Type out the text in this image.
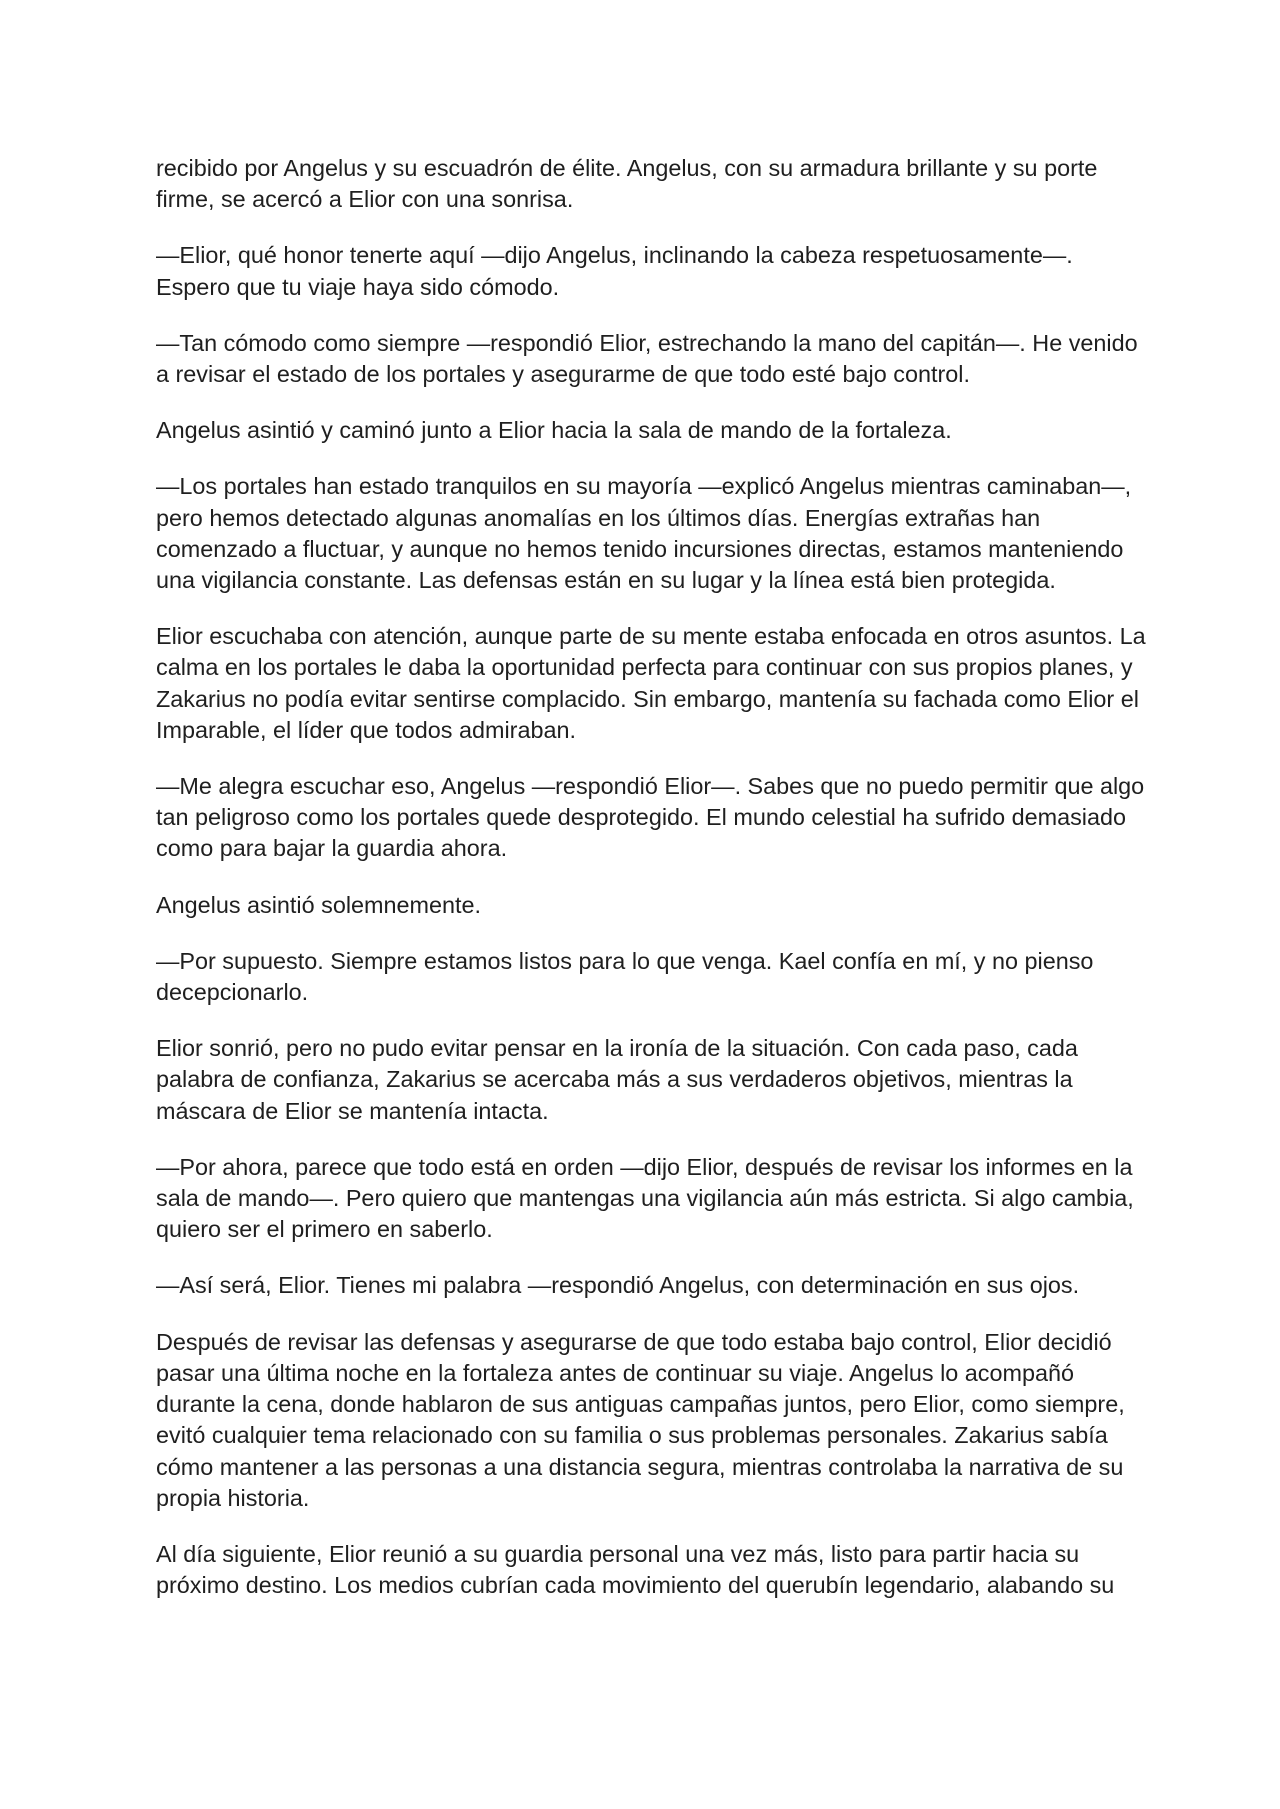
recibido por Angelus y su escuadrón de élite. Angelus, con su armadura brillante y su porte firme, se acercó a Elior con una sonrisa.

—Elior, qué honor tenerte aquí —dijo Angelus, inclinando la cabeza respetuosamente—. Espero que tu viaje haya sido cómodo.

—Tan cómodo como siempre —respondió Elior, estrechando la mano del capitán—. He venido a revisar el estado de los portales y asegurarme de que todo esté bajo control.

Angelus asintió y caminó junto a Elior hacia la sala de mando de la fortaleza.

—Los portales han estado tranquilos en su mayoría —explicó Angelus mientras caminaban—, pero hemos detectado algunas anomalías en los últimos días. Energías extrañas han comenzado a fluctuar, y aunque no hemos tenido incursiones directas, estamos manteniendo una vigilancia constante. Las defensas están en su lugar y la línea está bien protegida.

Elior escuchaba con atención, aunque parte de su mente estaba enfocada en otros asuntos. La calma en los portales le daba la oportunidad perfecta para continuar con sus propios planes, y Zakarius no podía evitar sentirse complacido. Sin embargo, mantenía su fachada como Elior el Imparable, el líder que todos admiraban.

—Me alegra escuchar eso, Angelus —respondió Elior—. Sabes que no puedo permitir que algo tan peligroso como los portales quede desprotegido. El mundo celestial ha sufrido demasiado como para bajar la guardia ahora.

Angelus asintió solemnemente.

—Por supuesto. Siempre estamos listos para lo que venga. Kael confía en mí, y no pienso decepcionarlo.

Elior sonrió, pero no pudo evitar pensar en la ironía de la situación. Con cada paso, cada palabra de confianza, Zakarius se acercaba más a sus verdaderos objetivos, mientras la máscara de Elior se mantenía intacta.

—Por ahora, parece que todo está en orden —dijo Elior, después de revisar los informes en la sala de mando—. Pero quiero que mantengas una vigilancia aún más estricta. Si algo cambia, quiero ser el primero en saberlo.

—Así será, Elior. Tienes mi palabra —respondió Angelus, con determinación en sus ojos.

Después de revisar las defensas y asegurarse de que todo estaba bajo control, Elior decidió pasar una última noche en la fortaleza antes de continuar su viaje. Angelus lo acompañó durante la cena, donde hablaron de sus antiguas campañas juntos, pero Elior, como siempre, evitó cualquier tema relacionado con su familia o sus problemas personales. Zakarius sabía cómo mantener a las personas a una distancia segura, mientras controlaba la narrativa de su propia historia.

Al día siguiente, Elior reunió a su guardia personal una vez más, listo para partir hacia su próximo destino. Los medios cubrían cada movimiento del querubín legendario, alabando su
